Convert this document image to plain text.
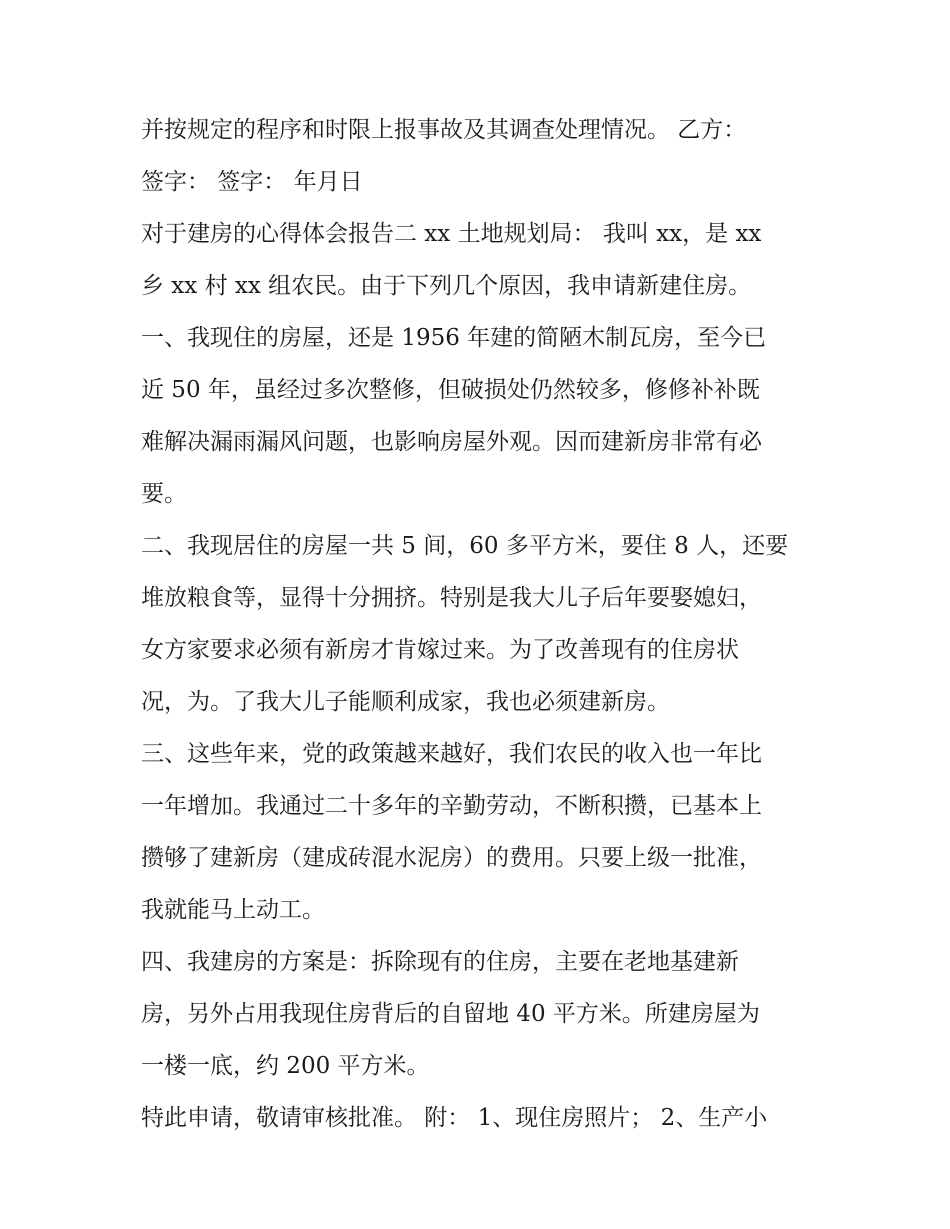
并按规定的程序和时限上报事故及其调查处理情况。 乙方：
签字： 签字： 年月日
对于建房的心得体会报告二 xx 土地规划局： 我叫 xx，是 xx
乡 xx 村 xx 组农民。由于下列几个原因，我申请新建住房。
一、我现住的房屋，还是 1956 年建的简陋木制瓦房，至今已
近 50 年，虽经过多次整修，但破损处仍然较多，修修补补既
难解决漏雨漏风问题，也影响房屋外观。因而建新房非常有必
要。
二、我现居住的房屋一共 5 间，60 多平方米，要住 8 人，还要
堆放粮食等，显得十分拥挤。特别是我大儿子后年要娶媳妇，
女方家要求必须有新房才肯嫁过来。为了改善现有的住房状
况，为。了我大儿子能顺利成家，我也必须建新房。
三、这些年来，党的政策越来越好，我们农民的收入也一年比
一年增加。我通过二十多年的辛勤劳动，不断积攒，已基本上
攒够了建新房（建成砖混水泥房）的费用。只要上级一批准，
我就能马上动工。
四、我建房的方案是：拆除现有的住房，主要在老地基建新
房，另外占用我现住房背后的自留地 40 平方米。所建房屋为
一楼一底，约 200 平方米。
特此申请，敬请审核批准。 附： 1、现住房照片； 2、生产小
